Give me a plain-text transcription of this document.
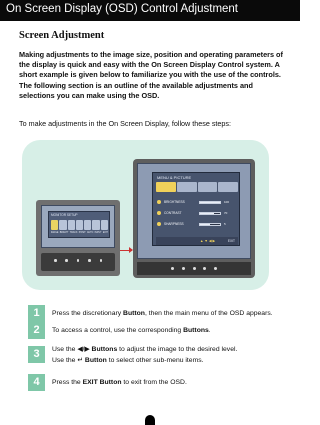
On Screen Display (OSD) Control Adjustment
Screen Adjustment
Making adjustments to the image size, position and operating parameters of the display is quick and easy with the On Screen Display Control system. A short example is given below to familiarize you with the use of the controls. The following section is an outline of the available adjustments and selections you can make using the OSD.
To make adjustments in the On Screen Display, follow these steps:
MONITOR SETUP
IMAGE BRIGHT TRACK POSIT AUTO INPUT EXIT
MENU & PICTURE
BRIGHTNESS	100
CONTRAST	70
SHARPNESS	5
▲ ▼ ◀ ▶	EXIT
1	Press the discretionary Button, then the main menu of the OSD appears.
2	To access a control, use the corresponding Buttons.
3	Use the ◀/▶ Buttons to adjust the image to the desired level.
Use the ↵ Button to select other sub-menu items.
4	Press the EXIT Button to exit from the OSD.
